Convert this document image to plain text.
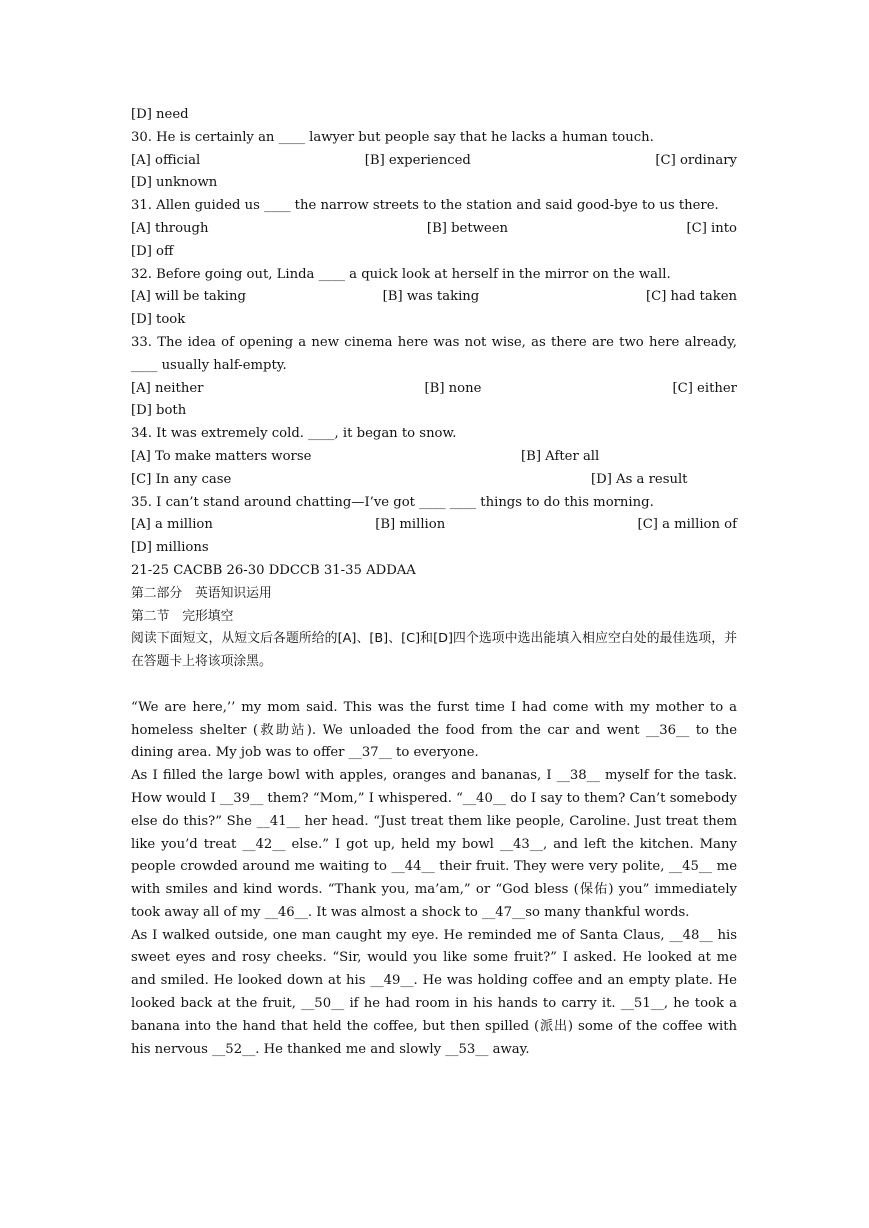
[D] need
30. He is certainly an ____ lawyer but people say that he lacks a human touch.
[A] official	[B] experienced	[C] ordinary
[D] unknown
31. Allen guided us ____ the narrow streets to the station and said good-bye to us there.
[A] through	[B] between	[C] into
[D] off
32. Before going out, Linda ____ a quick look at herself in the mirror on the wall.
[A] will be taking	[B] was taking	[C] had taken
[D] took
33. The idea of opening a new cinema here was not wise, as there are two here already, ____ usually half-empty.
[A] neither	[B] none	[C] either
[D] both
34. It was extremely cold. ____, it began to snow.
[A] To make matters worse	[B] After all
[C] In any case	[D] As a result
35. I can’t stand around chatting—I’ve got ____ ____ things to do this morning.
[A] a million	[B] million	[C] a million of
[D] millions
21-25 CACBB 26-30 DDCCB 31-35 ADDAA
第二部分　英语知识运用
第二节　完形填空
阅读下面短文，从短文后各题所给的[A]、[B]、[C]和[D]四个选项中选出能填入相应空白处的最佳选项，并在答题卡上将该项涂黑。
“We are here,’’ my mom said. This was the furst time I had come with my mother to a homeless shelter (救助站). We unloaded the food from the car and went __36__ to the dining area. My job was to offer __37__ to everyone.
As I filled the large bowl with apples, oranges and bananas, I __38__ myself for the task. How would I __39__ them? “Mom,” I whispered. “__40__ do I say to them? Can’t somebody else do this?” She __41__ her head. “Just treat them like people, Caroline. Just treat them like you’d treat __42__ else.” I got up, held my bowl __43__, and left the kitchen. Many people crowded around me waiting to __44__ their fruit. They were very polite, __45__ me with smiles and kind words. “Thank you, ma’am,” or “God bless (保佑) you” immediately took away all of my __46__. It was almost a shock to __47__so many thankful words.
As I walked outside, one man caught my eye. He reminded me of Santa Claus, __48__ his sweet eyes and rosy cheeks. “Sir, would you like some fruit?” I asked. He looked at me and smiled. He looked down at his __49__. He was holding coffee and an empty plate. He looked back at the fruit, __50__ if he had room in his hands to carry it. __51__, he took a banana into the hand that held the coffee, but then spilled (派出) some of the coffee with his nervous __52__. He thanked me and slowly __53__ away.
